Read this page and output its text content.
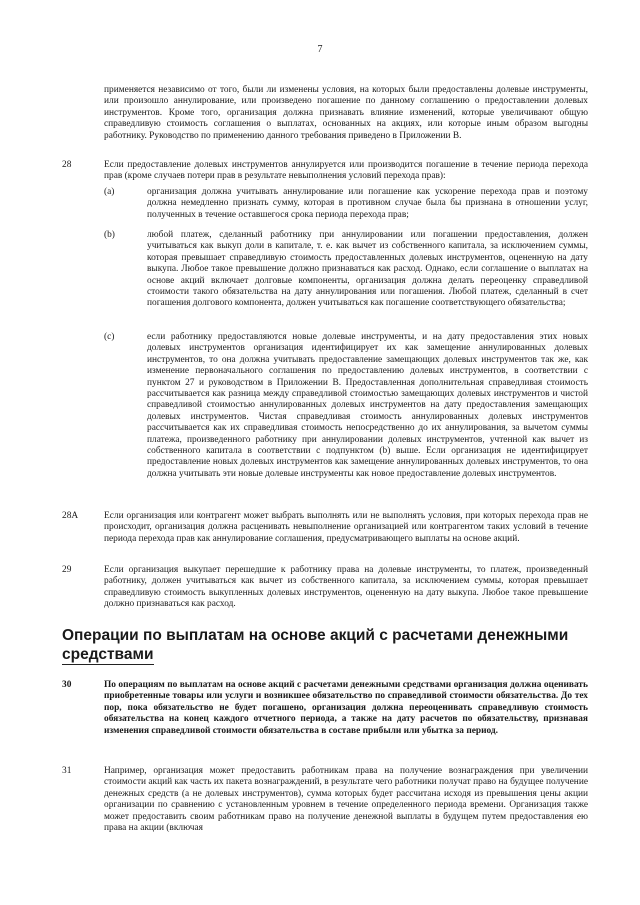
7
применяется независимо от того, были ли изменены условия, на которых были предоставлены долевые инструменты, или произошло аннулирование, или произведено погашение по данному соглашению о предоставлении долевых инструментов. Кроме того, организация должна признавать влияние изменений, которые увеличивают общую справедливую стоимость соглашения о выплатах, основанных на акциях, или которые иным образом выгодны работнику. Руководство по применению данного требования приведено в Приложении В.
28	Если предоставление долевых инструментов аннулируется или производится погашение в течение периода перехода прав (кроме случаев потери прав в результате невыполнения условий перехода прав):
(a)	организация должна учитывать аннулирование или погашение как ускорение перехода прав и поэтому должна немедленно признать сумму, которая в противном случае была бы признана в отношении услуг, полученных в течение оставшегося срока периода перехода прав;
(b)	любой платеж, сделанный работнику при аннулировании или погашении предоставления, должен учитываться как выкуп доли в капитале, т. е. как вычет из собственного капитала, за исключением суммы, которая превышает справедливую стоимость предоставленных долевых инструментов, оцененную на дату выкупа. Любое такое превышение должно признаваться как расход. Однако, если соглашение о выплатах на основе акций включает долговые компоненты, организация должна делать переоценку справедливой стоимости такого обязательства на дату аннулирования или погашения. Любой платеж, сделанный в счет погашения долгового компонента, должен учитываться как погашение соответствующего обязательства;
(c)	если работнику предоставляются новые долевые инструменты, и на дату предоставления этих новых долевых инструментов организация идентифицирует их как замещение аннулированных долевых инструментов, то она должна учитывать предоставление замещающих долевых инструментов так же, как изменение первоначального соглашения по предоставлению долевых инструментов, в соответствии с пунктом 27 и руководством в Приложении В. Предоставленная дополнительная справедливая стоимость рассчитывается как разница между справедливой стоимостью замещающих долевых инструментов и чистой справедливой стоимостью аннулированных долевых инструментов на дату предоставления замещающих долевых инструментов. Чистая справедливая стоимость аннулированных долевых инструментов рассчитывается как их справедливая стоимость непосредственно до их аннулирования, за вычетом суммы платежа, произведенного работнику при аннулировании долевых инструментов, учтенной как вычет из собственного капитала в соответствии с подпунктом (b) выше. Если организация не идентифицирует предоставление новых долевых инструментов как замещение аннулированных долевых инструментов, то она должна учитывать эти новые долевые инструменты как новое предоставление долевых инструментов.
28A	Если организация или контрагент может выбрать выполнять или не выполнять условия, при которых перехода прав не происходит, организация должна расценивать невыполнение организацией или контрагентом таких условий в течение периода перехода прав как аннулирование соглашения, предусматривающего выплаты на основе акций.
29	Если организация выкупает перешедшие к работнику права на долевые инструменты, то платеж, произведенный работнику, должен учитываться как вычет из собственного капитала, за исключением суммы, которая превышает справедливую стоимость выкупленных долевых инструментов, оцененную на дату выкупа. Любое такое превышение должно признаваться как расход.
Операции по выплатам на основе акций с расчетами денежными средствами
30	По операциям по выплатам на основе акций с расчетами денежными средствами организация должна оценивать приобретенные товары или услуги и возникшее обязательство по справедливой стоимости обязательства. До тех пор, пока обязательство не будет погашено, организация должна переоценивать справедливую стоимость обязательства на конец каждого отчетного периода, а также на дату расчетов по обязательству, признавая изменения справедливой стоимости обязательства в составе прибыли или убытка за период.
31	Например, организация может предоставить работникам права на получение вознаграждения при увеличении стоимости акций как часть их пакета вознаграждений, в результате чего работники получат право на будущее получение денежных средств (а не долевых инструментов), сумма которых будет рассчитана исходя из превышения цены акции организации по сравнению с установленным уровнем в течение определенного периода времени. Организация также может предоставить своим работникам право на получение денежной выплаты в будущем путем предоставления ею права на акции (включая
